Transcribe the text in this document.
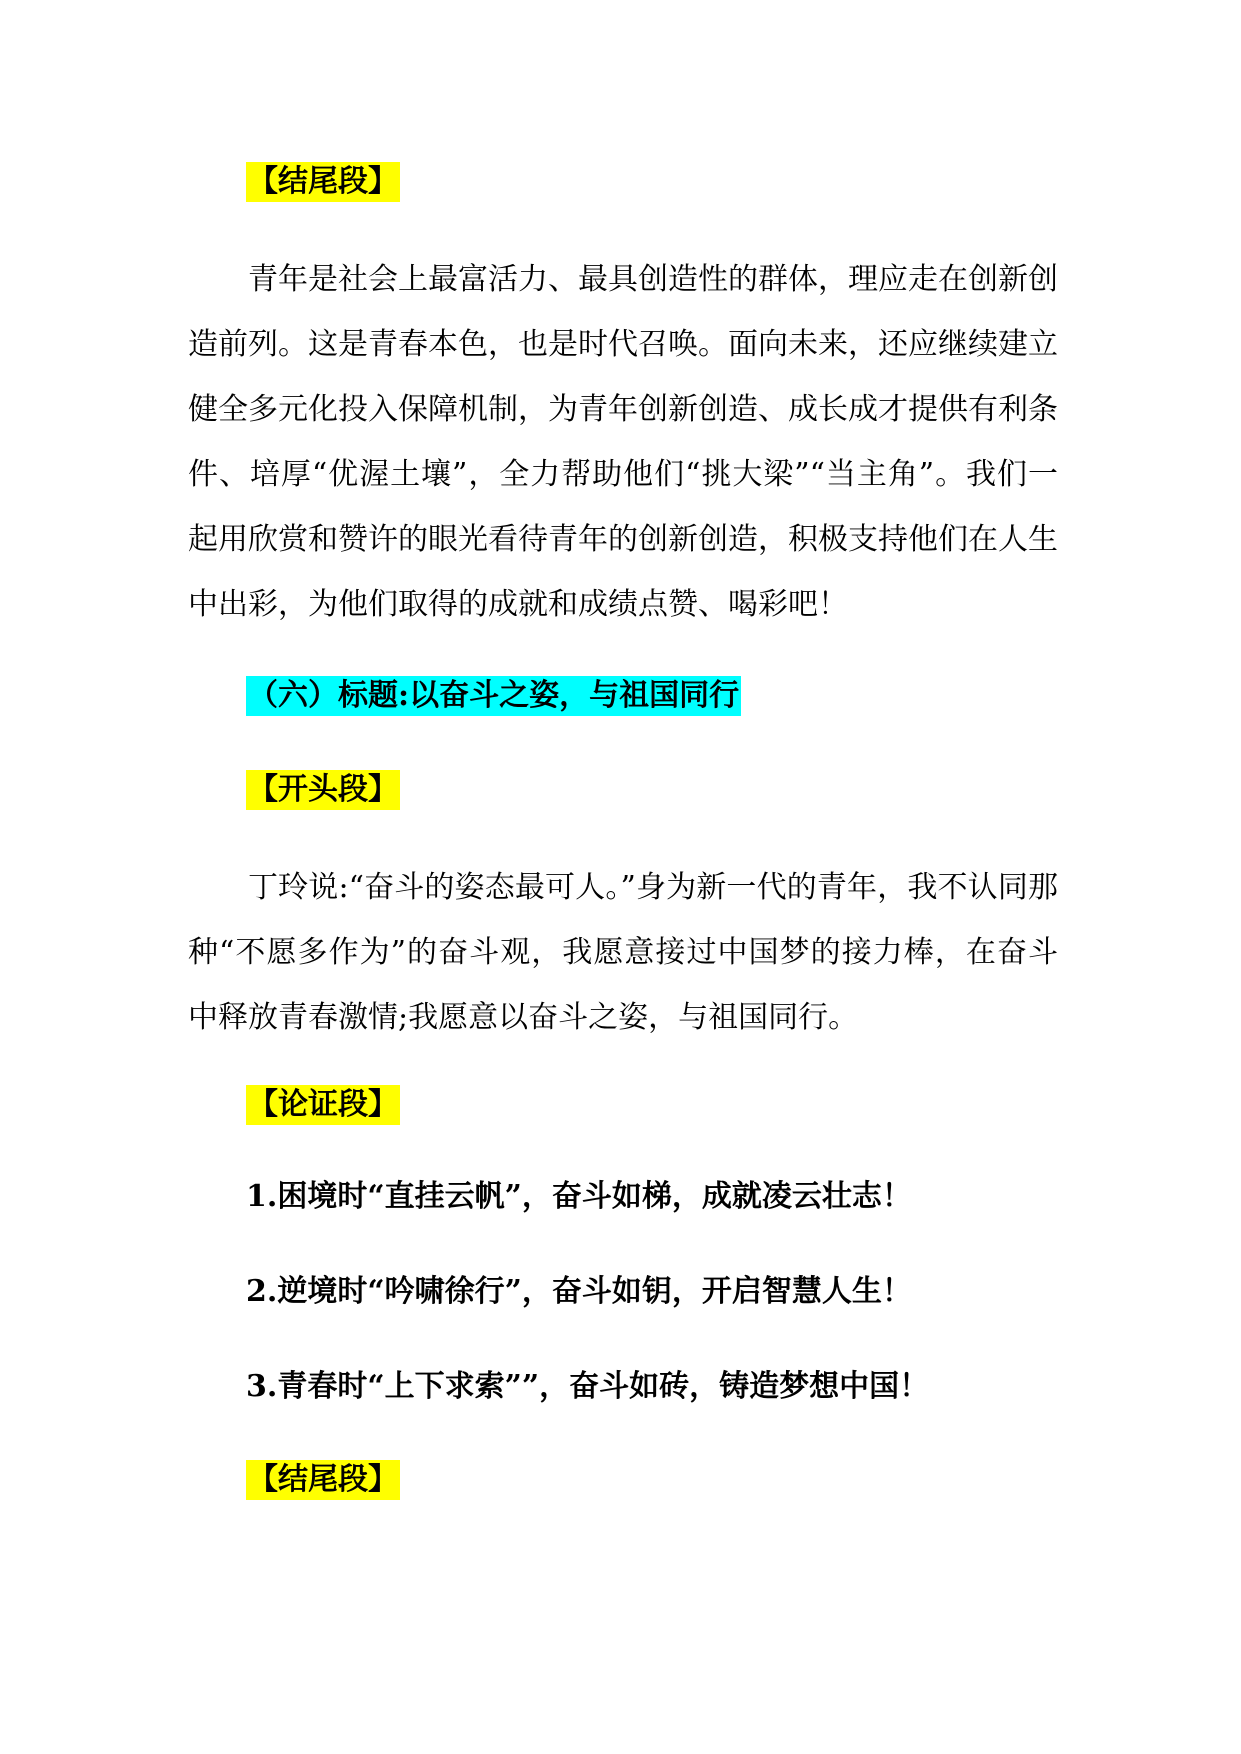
【结尾段】
青年是社会上最富活力、最具创造性的群体，理应走在创新创造前列。这是青春本色，也是时代召唤。面向未来，还应继续建立健全多元化投入保障机制，为青年创新创造、成长成才提供有利条件、培厚“优渥土壤”，全力帮助他们“挑大梁”“当主角”。我们一起用欣赏和赞许的眼光看待青年的创新创造，积极支持他们在人生中出彩，为他们取得的成就和成绩点赞、喝彩吧！
（六）标题:以奋斗之姿，与祖国同行
【开头段】
丁玲说:“奋斗的姿态最可人。”身为新一代的青年，我不认同那种“不愿多作为”的奋斗观，我愿意接过中国梦的接力棒，在奋斗中释放青春激情;我愿意以奋斗之姿，与祖国同行。
【论证段】
1.困境时“直挂云帆”，奋斗如梯，成就凌云壮志！
2.逆境时“吟啸徐行”，奋斗如钥，开启智慧人生！
3.青春时“上下求索””，奋斗如砖，铸造梦想中国！
【结尾段】
